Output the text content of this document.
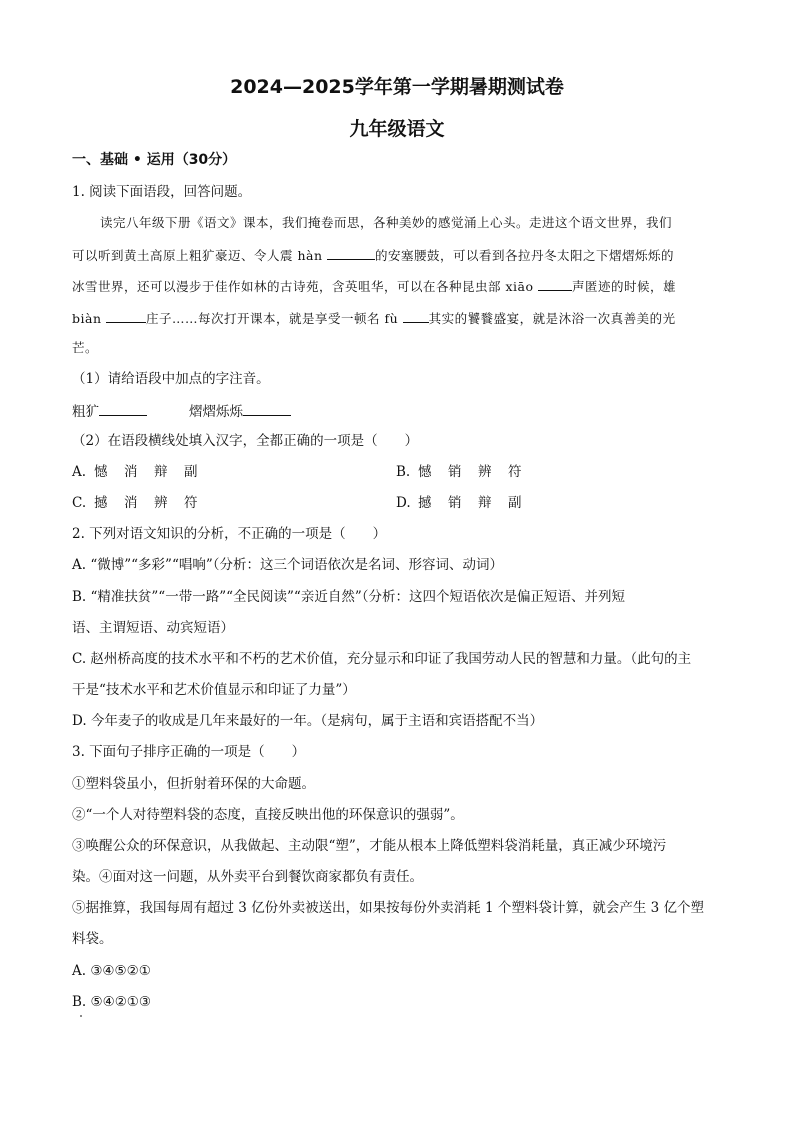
2024—2025学年第一学期暑期测试卷
九年级语文
一、基础 • 运用（30分）
1. 阅读下面语段，回答问题。
读完八年级下册《语文》课本，我们掩卷而思，各种美妙的感觉涌上心头。走进这个语文世界，我们
可以听到黄土高原上粗犷豪迈、令人震 hàn	的安塞腰鼓，可以看到各拉丹冬太阳之下熠熠烁烁的
冰雪世界，还可以漫步于佳作如林的古诗苑，含英咀华，可以在各种昆虫部 xiāo	声匿迹的时候，雄
biàn	庄子……每次打开课本，就是享受一顿名 fù 其实的饕餮盛宴，就是沐浴一次真善美的光
芒。
（1）请给语段中加点的字注音。
粗犷	熠熠烁烁
（2）在语段横线处填入汉字，全都正确的一项是（　　）
A. 憾 消 辩 副	B. 憾 销 辨 符
C. 撼 消 辨 符	D. 撼 销 辩 副
2. 下列对语文知识的分析，不正确的一项是（　　）
A. “微博”“多彩”“唱响”（分析：这三个词语依次是名词、形容词、动词）
B. “精准扶贫”“一带一路”“全民阅读”“亲近自然”（分析：这四个短语依次是偏正短语、并列短
语、主谓短语、动宾短语）
C. 赵州桥高度的技术水平和不朽的艺术价值，充分显示和印证了我国劳动人民的智慧和力量。（此句的主
干是“技术水平和艺术价值显示和印证了力量”）
D. 今年麦子的收成是几年来最好的一年。（是病句，属于主语和宾语搭配不当）
3. 下面句子排序正确的一项是（　　）
①塑料袋虽小，但折射着环保的大命题。
②“一个人对待塑料袋的态度，直接反映出他的环保意识的强弱”。
③唤醒公众的环保意识，从我做起、主动限“塑”，才能从根本上降低塑料袋消耗量，真正减少环境污
染。④面对这一问题，从外卖平台到餐饮商家都负有责任。
⑤据推算，我国每周有超过 3 亿份外卖被送出，如果按每份外卖消耗 1 个塑料袋计算，就会产生 3 亿个塑
料袋。
A. ③④⑤②①
B. ⑤④②①③
